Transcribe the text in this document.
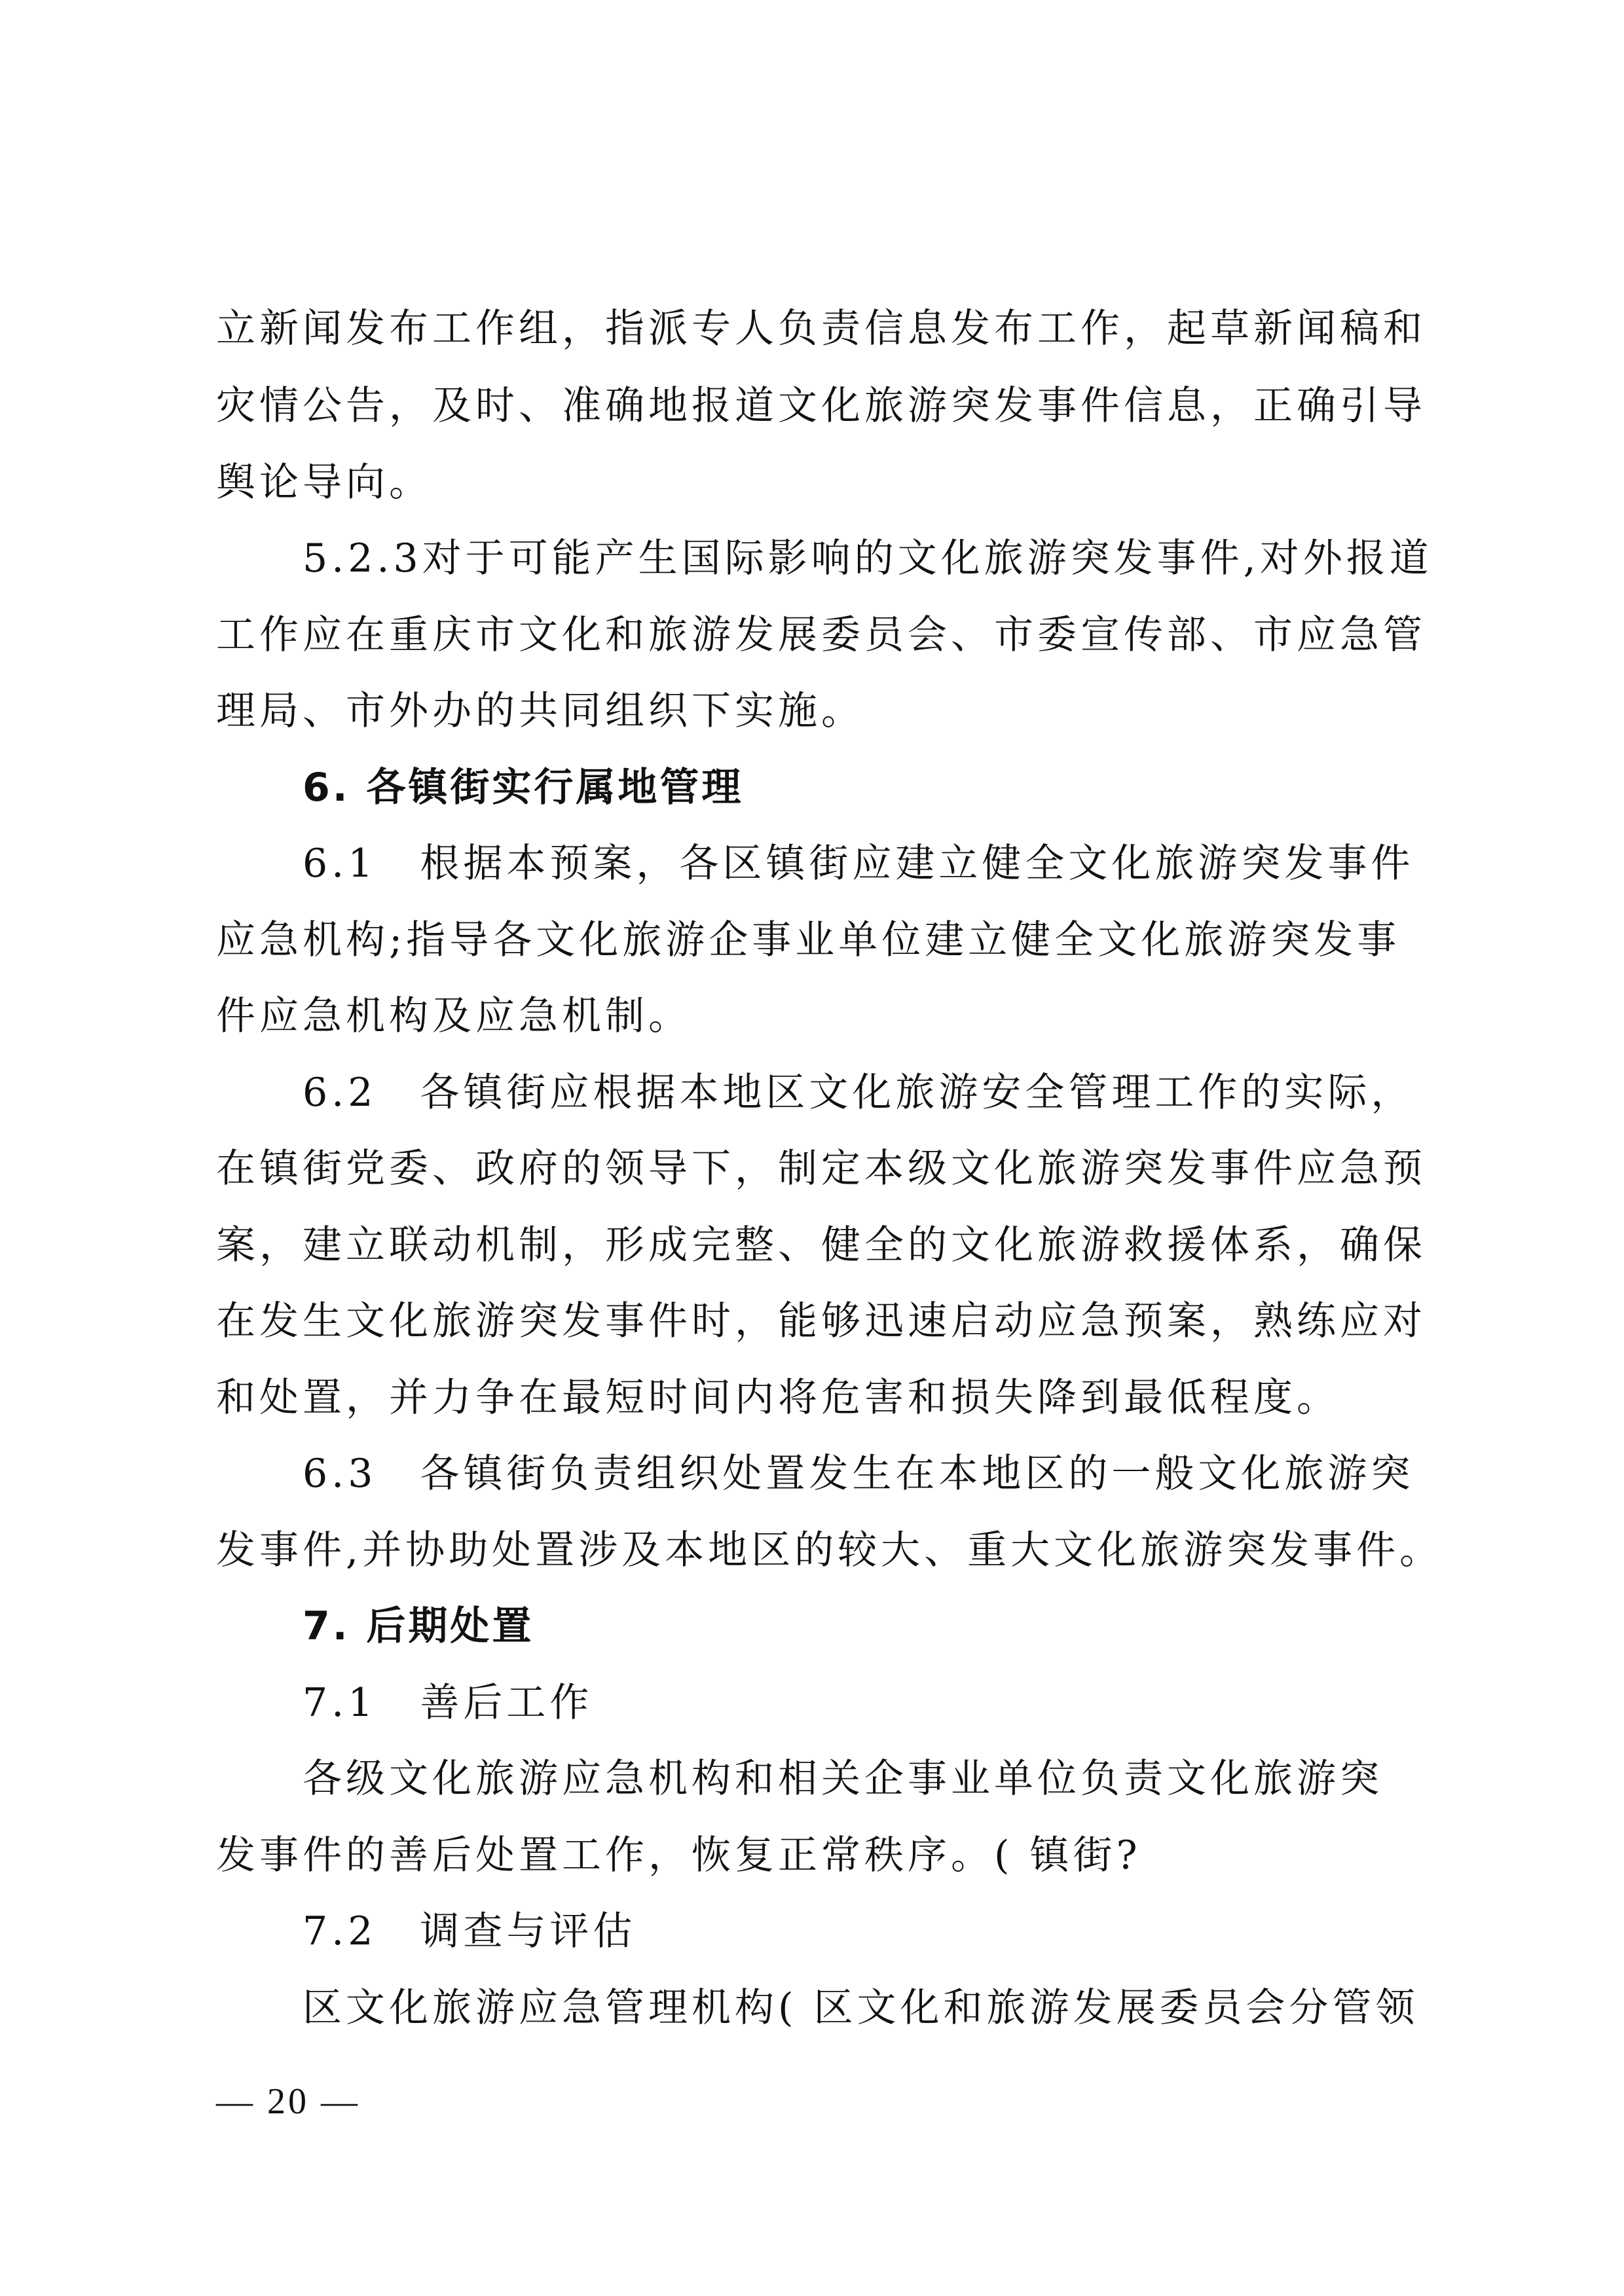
立新闻发布工作组，指派专人负责信息发布工作，起草新闻稿和
灾情公告，及时、准确地报道文化旅游突发事件信息，正确引导
舆论导向。
5.2.3对于可能产生国际影响的文化旅游突发事件,对外报道
工作应在重庆市文化和旅游发展委员会、市委宣传部、市应急管
理局、市外办的共同组织下实施。
6. 各镇街实行属地管理
6.1　根据本预案，各区镇街应建立健全文化旅游突发事件
应急机构;指导各文化旅游企事业单位建立健全文化旅游突发事
件应急机构及应急机制。
6.2　各镇街应根据本地区文化旅游安全管理工作的实际，
在镇街党委、政府的领导下，制定本级文化旅游突发事件应急预
案，建立联动机制，形成完整、健全的文化旅游救援体系，确保
在发生文化旅游突发事件时，能够迅速启动应急预案，熟练应对
和处置，并力争在最短时间内将危害和损失降到最低程度。
6.3　各镇街负责组织处置发生在本地区的一般文化旅游突
发事件,并协助处置涉及本地区的较大、重大文化旅游突发事件。
7. 后期处置
7.1　善后工作
各级文化旅游应急机构和相关企事业单位负责文化旅游突
发事件的善后处置工作，恢复正常秩序。( 镇街?
7.2　调查与评估
区文化旅游应急管理机构( 区文化和旅游发展委员会分管领
— 20 —
